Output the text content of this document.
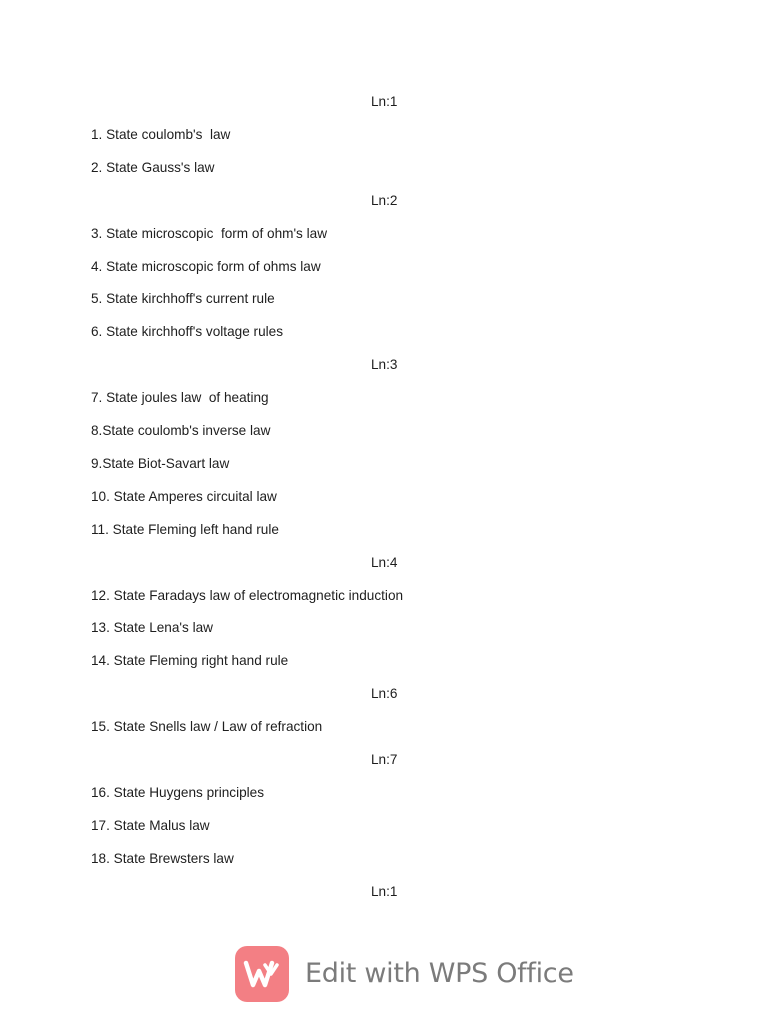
Ln:1
1. State coulomb's  law
2. State Gauss's law
Ln:2
3. State microscopic  form of ohm's law
4. State microscopic form of ohms law
5. State kirchhoff's current rule
6. State kirchhoff's voltage rules
Ln:3
7. State joules law  of heating
8.State coulomb's inverse law
9.State Biot-Savart law
10. State Amperes circuital law
11. State Fleming left hand rule
Ln:4
12. State Faradays law of electromagnetic induction
13. State Lena's law
14. State Fleming right hand rule
Ln:6
15. State Snells law / Law of refraction
Ln:7
16. State Huygens principles
17. State Malus law
18. State Brewsters law
Ln:1
Edit with WPS Office
